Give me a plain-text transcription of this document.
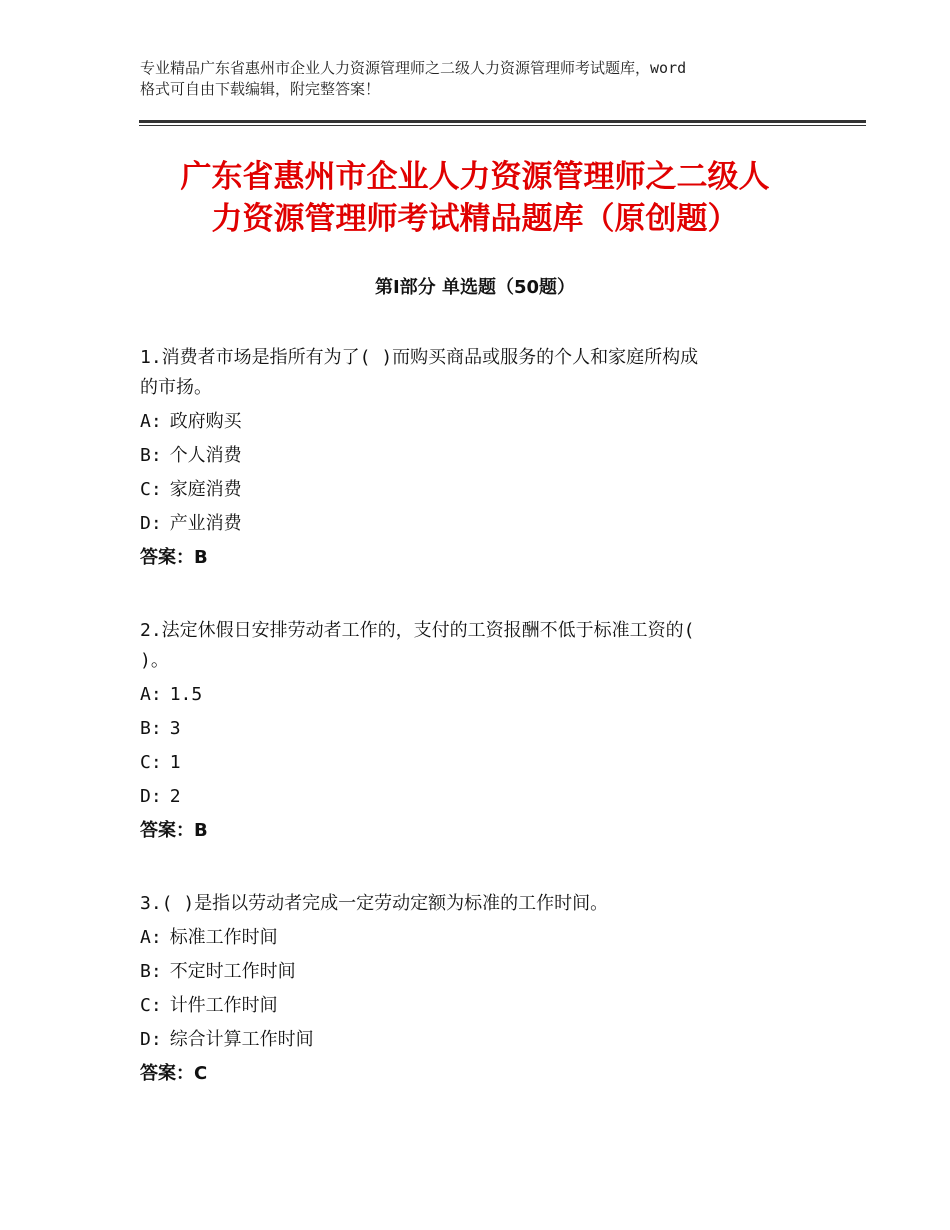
专业精品广东省惠州市企业人力资源管理师之二级人力资源管理师考试题库，word
格式可自由下载编辑，附完整答案！
广东省惠州市企业人力资源管理师之二级人
力资源管理师考试精品题库（原创题）
第Ⅰ部分 单选题（50题）
1.消费者市场是指所有为了( )而购买商品或服务的个人和家庭所构成
的市扬。
A: 政府购买
B: 个人消费
C: 家庭消费
D: 产业消费
答案：B
2.法定休假日安排劳动者工作的，支付的工资报酬不低于标准工资的(
)。
A: 1.5
B: 3
C: 1
D: 2
答案：B
3.( )是指以劳动者完成一定劳动定额为标准的工作时间。
A: 标准工作时间
B: 不定时工作时间
C: 计件工作时间
D: 综合计算工作时间
答案：C
